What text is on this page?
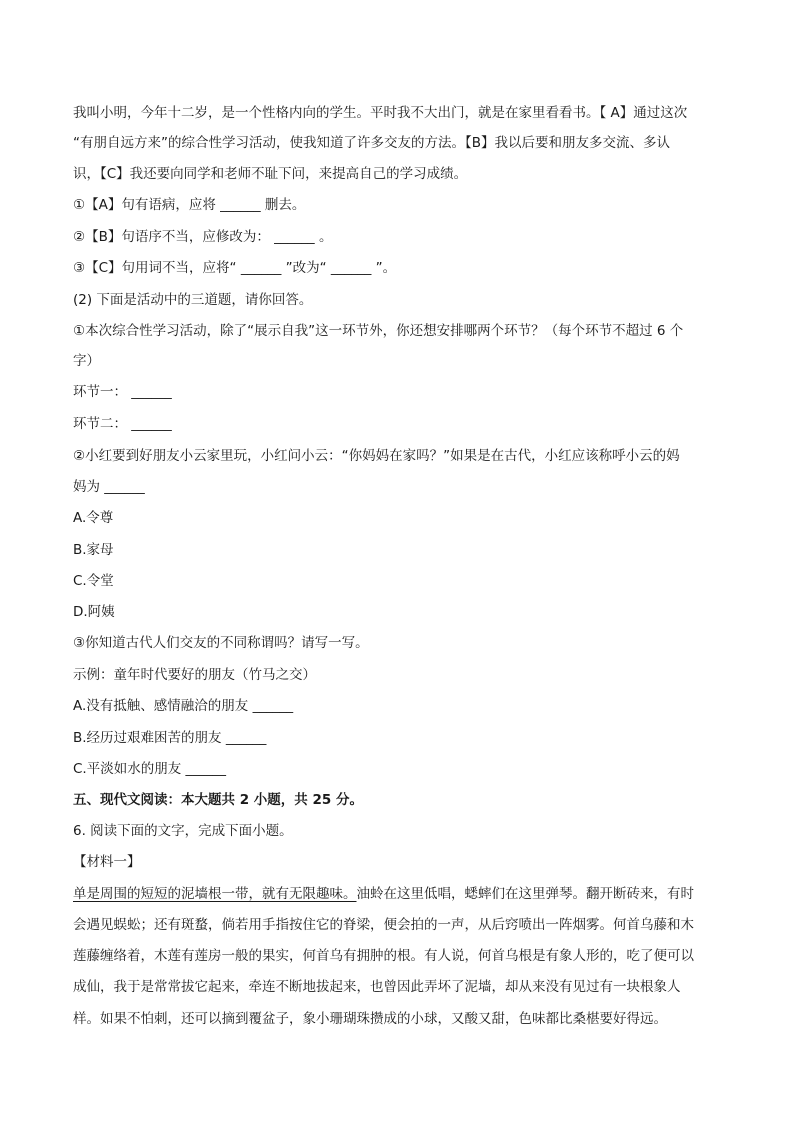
我叫小明，今年十二岁，是一个性格内向的学生。平时我不大出门，就是在家里看看书。【 A】通过这次
“有朋自远方来”的综合性学习活动，使我知道了许多交友的方法。【B】我以后要和朋友多交流、多认
识，【C】我还要向同学和老师不耻下问，来提高自己的学习成绩。
①【A】句有语病，应将 ______ 删去。
②【B】句语序不当，应修改为： ______ 。
③【C】句用词不当，应将“ ______ ”改为“ ______ ”。
(2) 下面是活动中的三道题，请你回答。
①本次综合性学习活动，除了“展示自我”这一环节外，你还想安排哪两个环节？（每个环节不超过 6 个
字）
环节一： ______
环节二： ______
②小红要到好朋友小云家里玩，小红问小云：“你妈妈在家吗？”如果是在古代，小红应该称呼小云的妈
妈为 ______
A.令尊
B.家母
C.令堂
D.阿姨
③你知道古代人们交友的不同称谓吗？请写一写。
示例：童年时代要好的朋友（竹马之交）
A.没有抵触、感情融洽的朋友 ______
B.经历过艰难困苦的朋友 ______
C.平淡如水的朋友 ______
五、现代文阅读：本大题共 2 小题，共 25 分。
6. 阅读下面的文字，完成下面小题。
【材料一】
单是周围的短短的泥墙根一带，就有无限趣味。油蛉在这里低唱，蟋蟀们在这里弹琴。翻开断砖来，有时
会遇见蜈蚣；还有斑蝥，倘若用手指按住它的脊梁，便会拍的一声，从后窍喷出一阵烟雾。何首乌藤和木
莲藤缠络着，木莲有莲房一般的果实，何首乌有拥肿的根。有人说，何首乌根是有象人形的，吃了便可以
成仙，我于是常常拔它起来，牵连不断地拔起来，也曾因此弄坏了泥墙，却从来没有见过有一块根象人
样。如果不怕刺，还可以摘到覆盆子，象小珊瑚珠攒成的小球，又酸又甜，色味都比桑椹要好得远。
